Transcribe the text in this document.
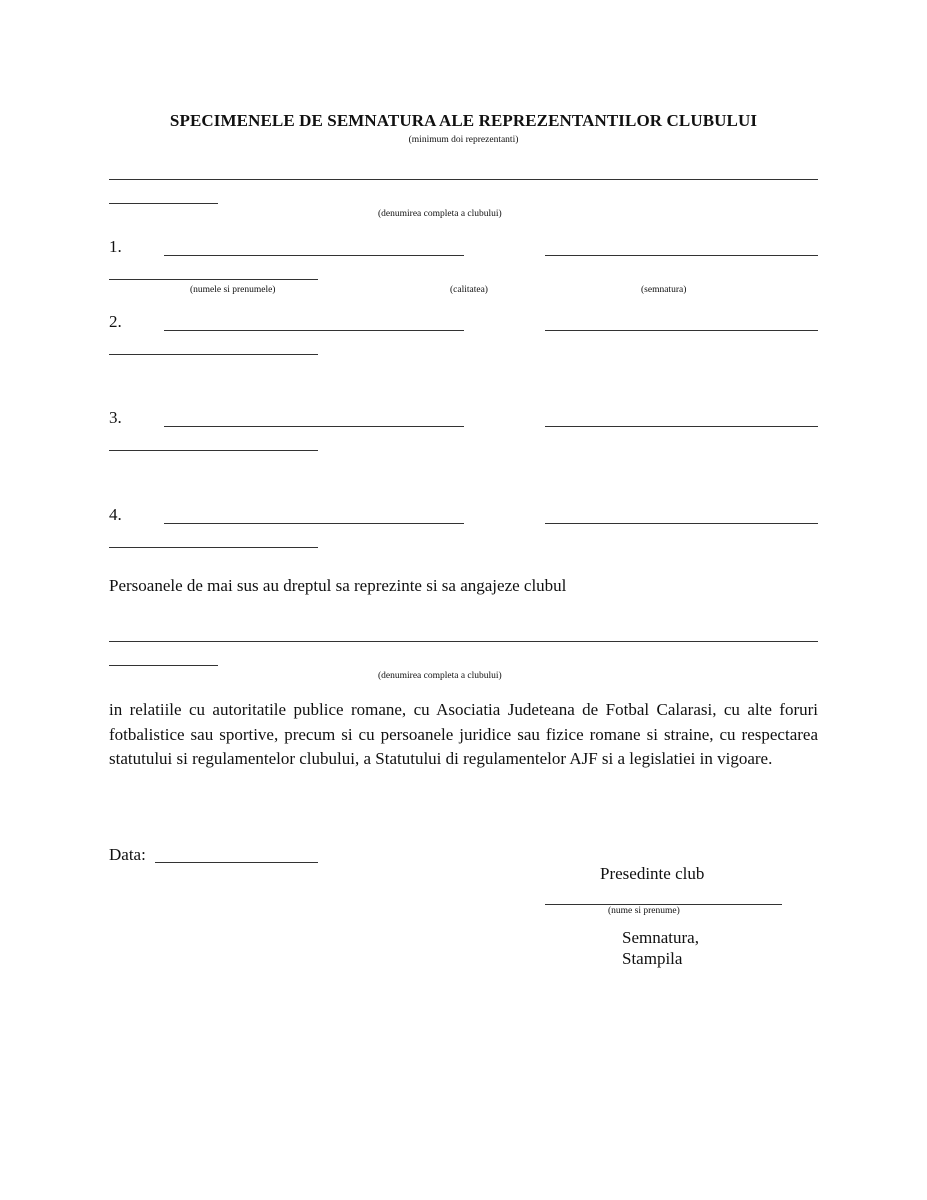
SPECIMENELE DE SEMNATURA ALE REPREZENTANTILOR CLUBULUI
(minimum doi reprezentanti)
(denumirea completa a clubului)
1.
(numele si prenumele)	(calitatea)	(semnatura)
2.
3.
4.
Persoanele de mai sus au dreptul sa reprezinte si sa angajeze clubul
(denumirea completa a clubului)
in relatiile cu autoritatile publice romane, cu Asociatia Judeteana de Fotbal Calarasi, cu alte foruri fotbalistice sau sportive, precum si cu persoanele juridice sau fizice romane si straine, cu respectarea statutului si regulamentelor clubului, a Statutului di regulamentelor AJF si a legislatiei in vigoare.
Data:
Presedinte club
(nume si prenume)
Semnatura,
Stampila
